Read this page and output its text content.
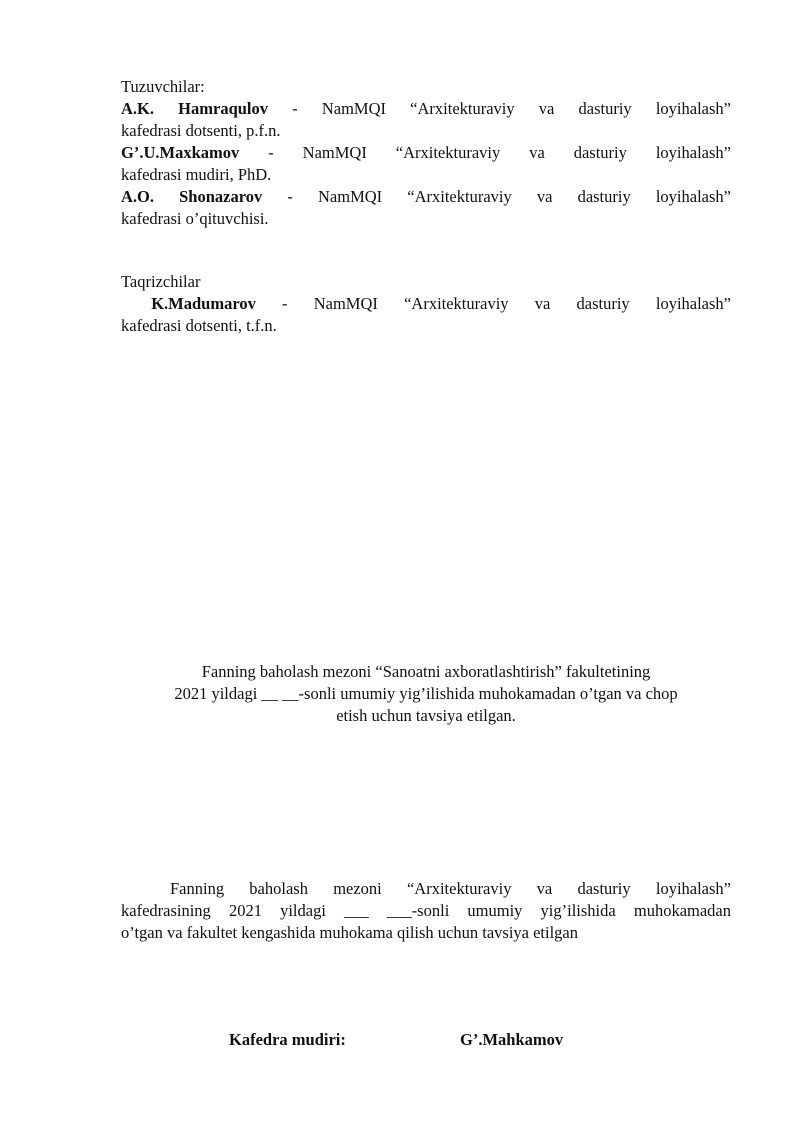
Tuzuvchilar:
A.K. Hamraqulov - NamMQI “Arxitekturaviy va dasturiy loyihalash”
kafedrasi dotsenti, p.f.n.
G’.U.Maxkamov - NamMQI “Arxitekturaviy va dasturiy loyihalash”
kafedrasi mudiri, PhD.
A.O. Shonazarov - NamMQI “Arxitekturaviy va dasturiy loyihalash”
kafedrasi o’qituvchisi.
Taqrizchilar
K.Madumarov - NamMQI “Arxitekturaviy va dasturiy loyihalash”
kafedrasi dotsenti, t.f.n.
Fanning baholash mezoni “Sanoatni axboratlashtirish” fakultetining
2021 yildagi __ __-sonli umumiy yig’ilishida muhokamadan o’tgan va chop
etish uchun tavsiya etilgan.
Fanning baholash mezoni “Arxitekturaviy va dasturiy loyihalash”
kafedrasining 2021 yildagi ___ ___-sonli umumiy yig’ilishida muhokamadan
o’tgan va fakultet kengashida muhokama qilish uchun tavsiya etilgan
Kafedra mudiri:	G’.Mahkamov
